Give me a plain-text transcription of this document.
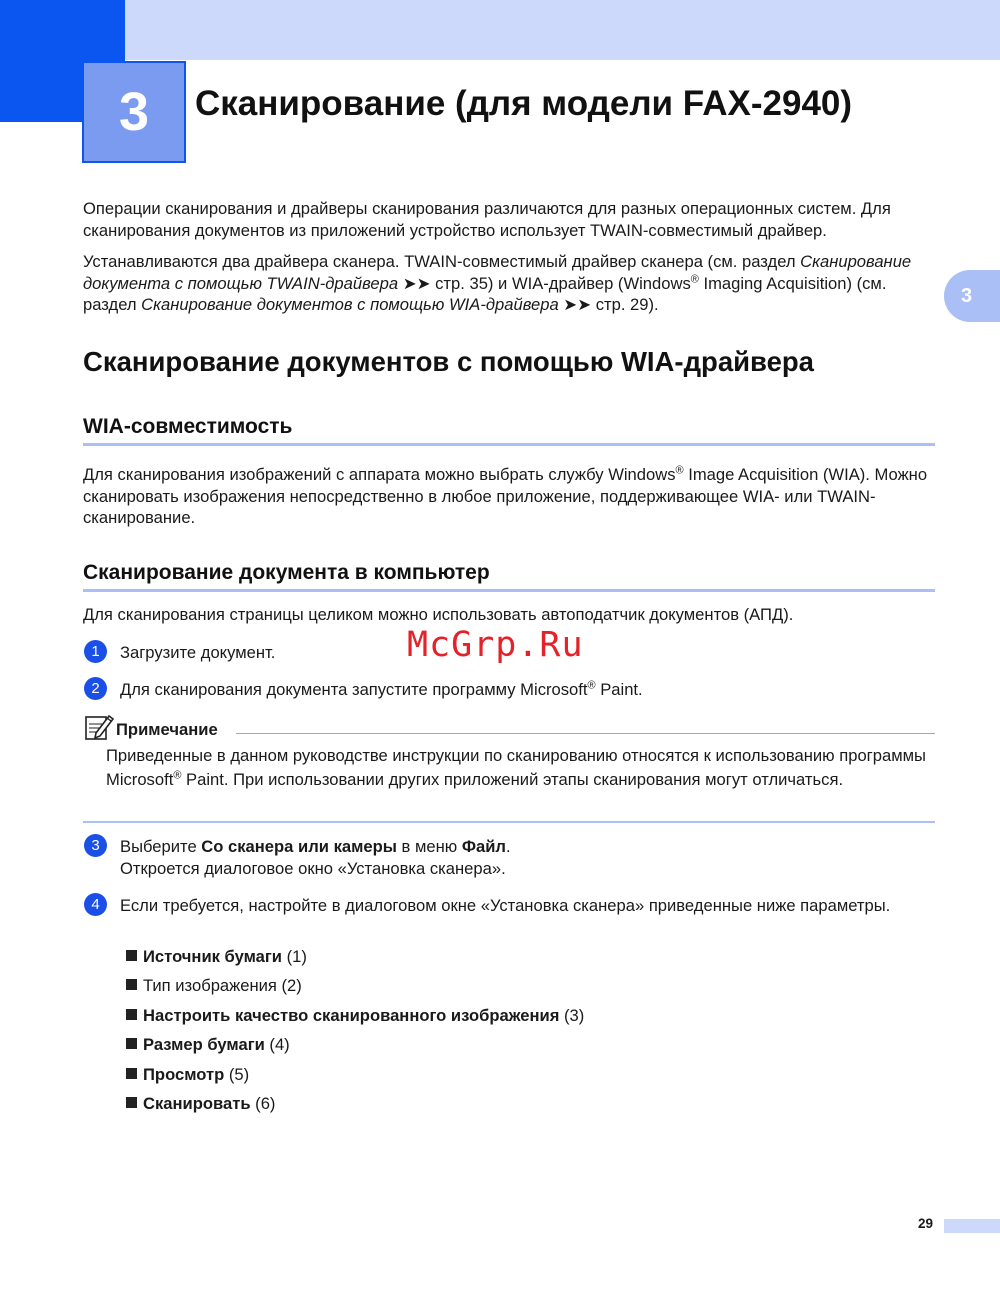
3 Сканирование (для модели FAX-2940)
3
Операции сканирования и драйверы сканирования различаются для разных операционных систем. Для сканирования документов из приложений устройство использует TWAIN-совместимый драйвер.
Устанавливаются два драйвера сканера. TWAIN-совместимый драйвер сканера (см. раздел Сканирование документа с помощью TWAIN-драйвера ➤➤ стр. 35) и WIA-драйвер (Windows® Imaging Acquisition) (см. раздел Сканирование документов с помощью WIA-драйвера ➤➤ стр. 29).
Сканирование документов с помощью WIA-драйвера
WIA-совместимость
Для сканирования изображений с аппарата можно выбрать службу Windows® Image Acquisition (WIA). Можно сканировать изображения непосредственно в любое приложение, поддерживающее WIA- или TWAIN-сканирование.
Сканирование документа в компьютер
Для сканирования страницы целиком можно использовать автоподатчик документов (АПД).
1	Загрузите документ.	McGrp.Ru
2	Для сканирования документа запустите программу Microsoft® Paint.
Примечание
Приведенные в данном руководстве инструкции по сканированию относятся к использованию программы Microsoft® Paint. При использовании других приложений этапы сканирования могут отличаться.
3	Выберите Со сканера или камеры в меню Файл.
Откроется диалоговое окно «Установка сканера».
4	Если требуется, настройте в диалоговом окне «Установка сканера» приведенные ниже параметры.
Источник бумаги (1)
Тип изображения (2)
Настроить качество сканированного изображения (3)
Размер бумаги (4)
Просмотр (5)
Сканировать (6)
29
